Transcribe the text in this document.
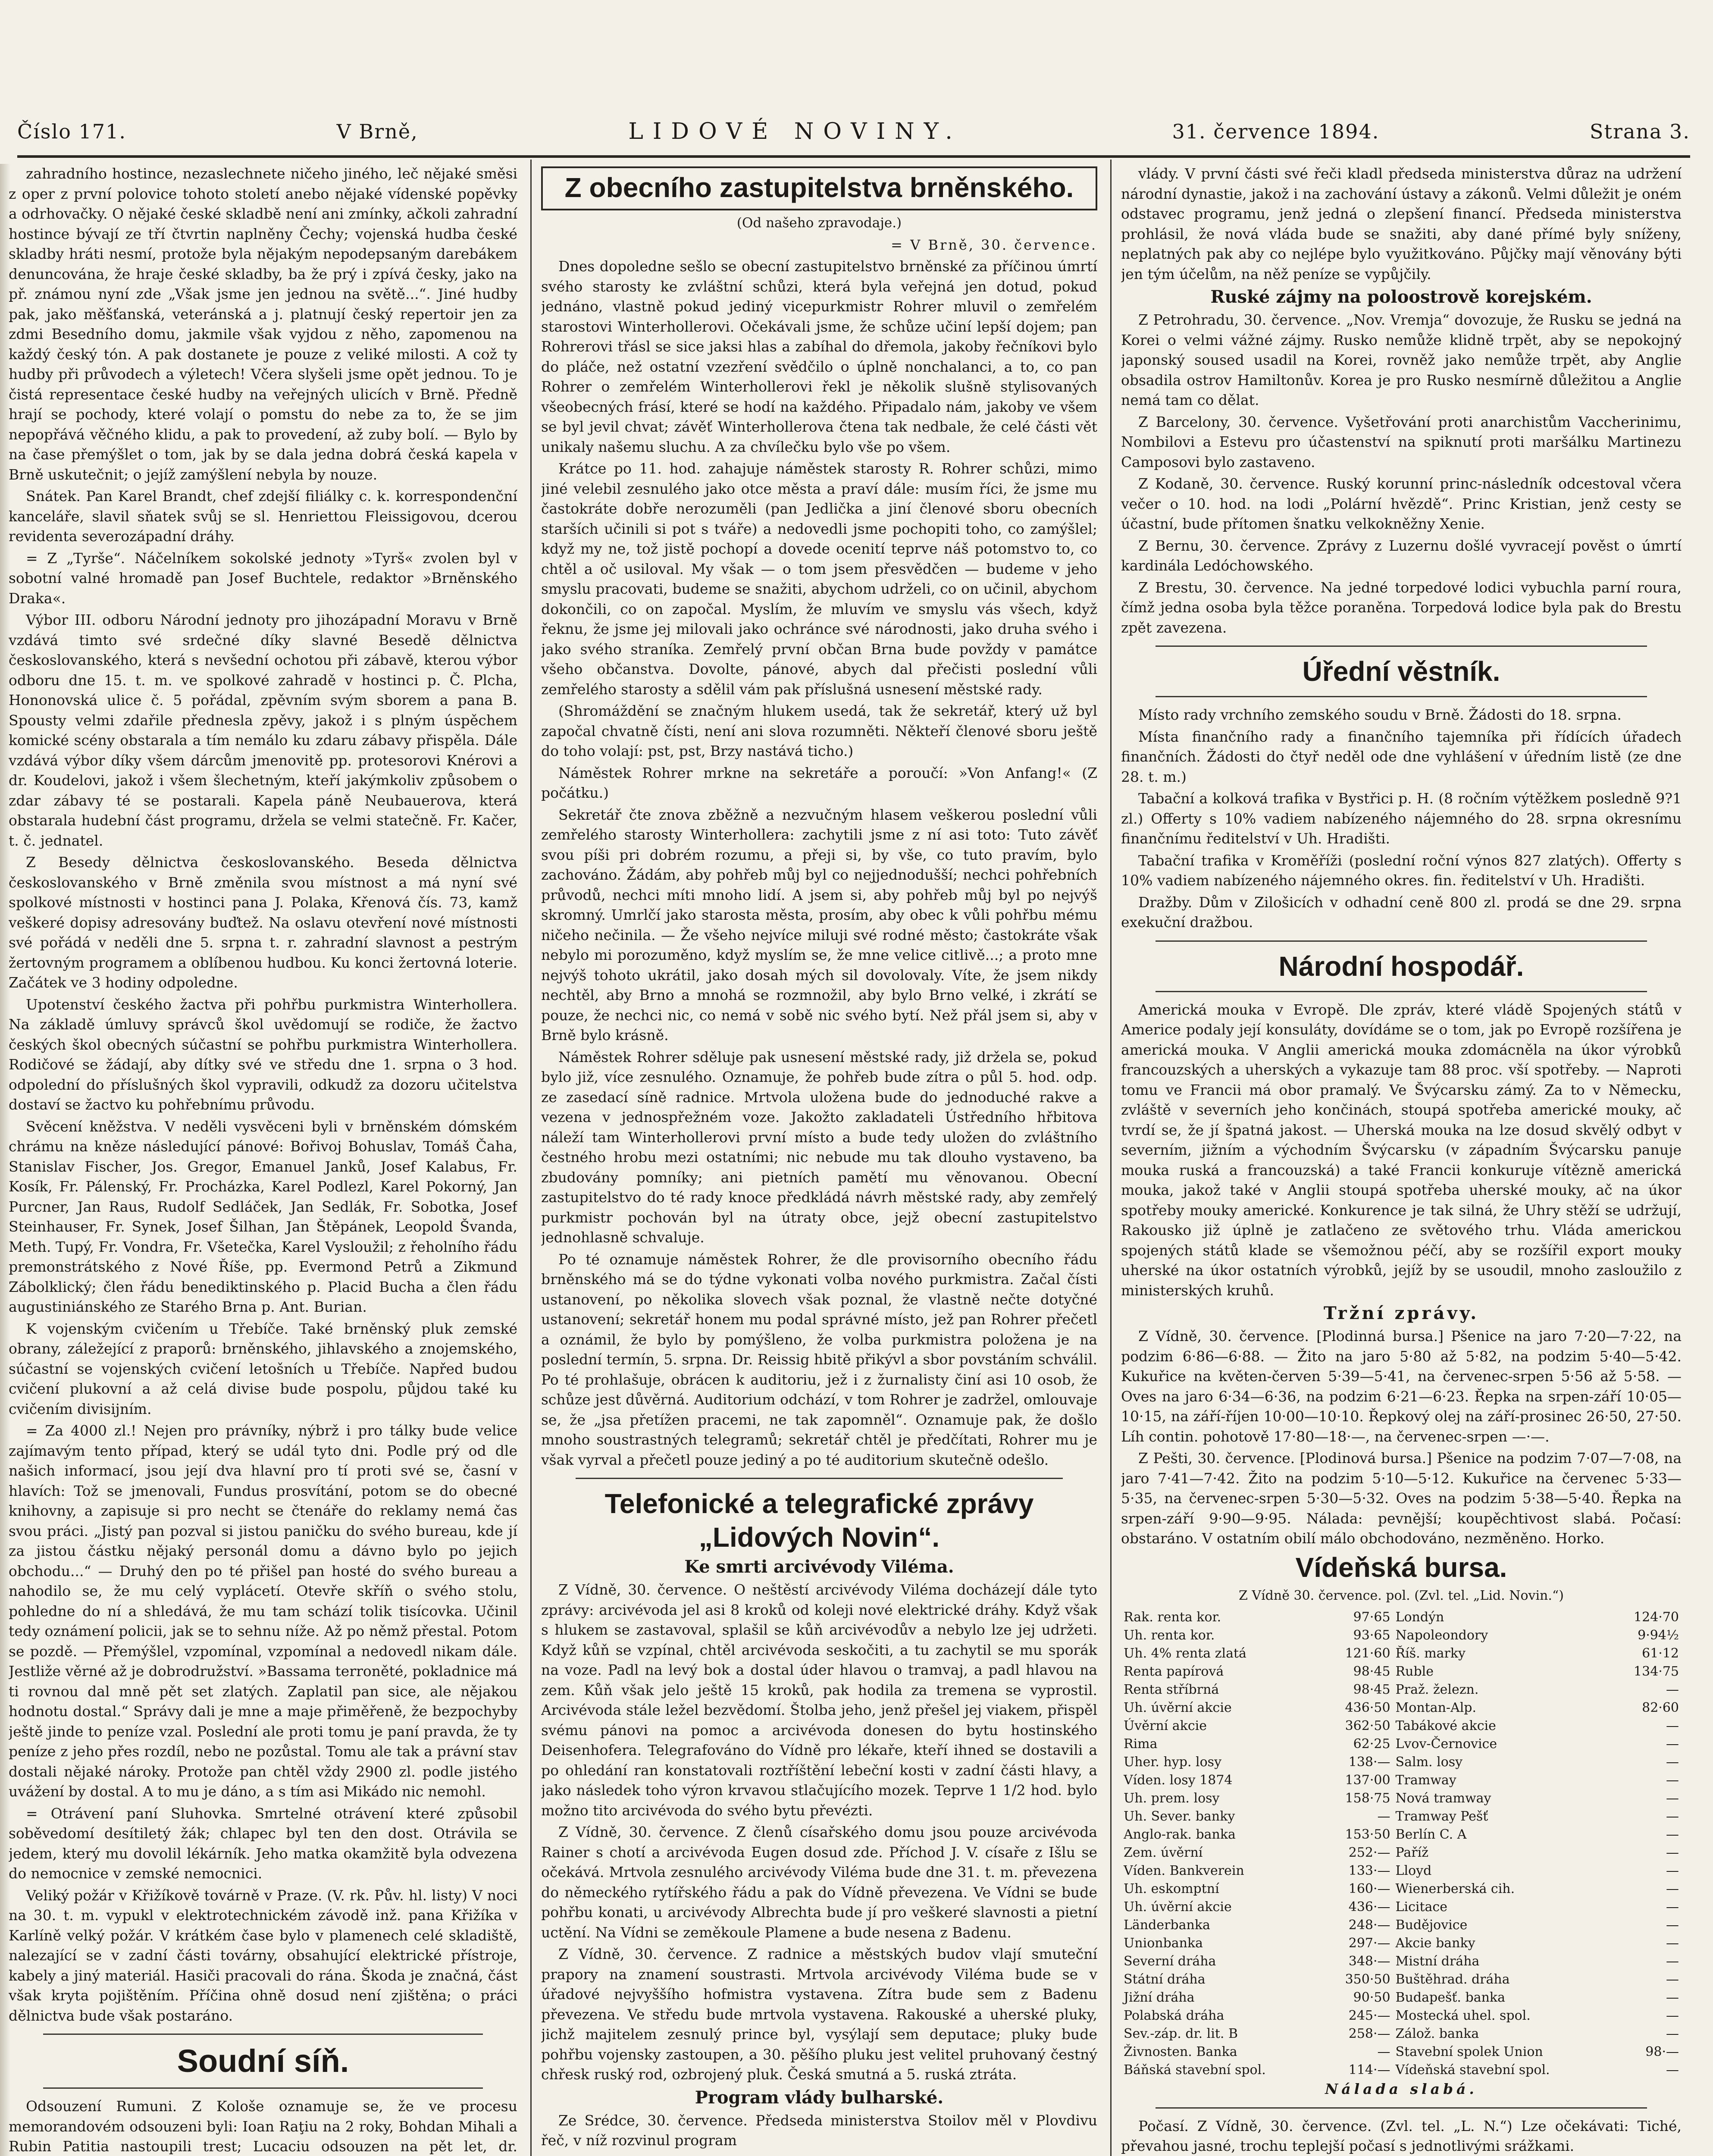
Číslo 171.	V Brně,	LIDOVÉ NOVINY.	31. července 1894.	Strana 3.

zahradního hostince, nezaslechnete ničeho jiného, leč nějaké směsi z oper z první polovice tohoto století anebo nějaké vídenské popěvky a odrhovačky. O nějaké české skladbě není ani zmínky, ačkoli zahradní hostince bývají ze tří čtvrtin naplněny Čechy; vojenská hudba české skladby hráti nesmí, protože byla nějakým nepodepsaným darebákem denuncována, že hraje české skladby, ba že prý i zpívá česky, jako na př. známou nyní zde „Však jsme jen jednou na světě...“. Jiné hudby pak, jako měšťanská, veteránská a j. platnují český repertoir jen za zdmi Besedního domu, jakmile však vyjdou z něho, zapomenou na každý český tón. A pak dostanete je pouze z veliké milosti. A což ty hudby při průvodech a výletech! Včera slyšeli jsme opět jednou. To je čistá representace české hudby na veřejných ulicích v Brně. Předně hrají se pochody, které volají o pomstu do nebe za to, že se jim nepopřává věčného klidu, a pak to provedení, až zuby bolí. — Bylo by na čase přemýšlet o tom, jak by se dala jedna dobrá česká kapela v Brně uskutečnit; o jejíž zamýšlení nebyla by nouze.

Snátek. Pan Karel Brandt, chef zdejší filiálky c. k. korrespondenční kanceláře, slavil sňatek svůj se sl. Henriettou Fleissigovou, dcerou revidenta severozápadní dráhy.

= Z „Tyrše“. Náčelníkem sokolské jednoty »Tyrš« zvolen byl v sobotní valné hromadě pan Josef Buchtele, redaktor »Brněnského Draka«.

Výbor III. odboru Národní jednoty pro jihozápadní Moravu v Brně vzdává timto své srdečné díky slavné Besedě dělnictva českoslovanského, která s nevšední ochotou při zábavě, kterou výbor odboru dne 15. t. m. ve spolkové zahradě v hostinci p. Č. Plcha, Hononovská ulice č. 5 pořádal, zpěvním svým sborem a pana B. Spousty velmi zdařile přednesla zpěvy, jakož i s plným úspěchem komické scény obstarala a tím nemálo ku zdaru zábavy přispěla. Dále vzdává výbor díky všem dárcům jmenovitě pp. protesorovi Knérovi a dr. Koudelovi, jakož i všem šlechetným, kteří jakýmkoliv způsobem o zdar zábavy té se postarali. Kapela páně Neubauerova, která obstarala hudební část programu, držela se velmi statečně. Fr. Kačer, t. č. jednatel.

Z Besedy dělnictva českoslovanského. Beseda dělnictva českoslovanského v Brně změnila svou místnost a má nyní své spolkové místnosti v hostinci pana J. Polaka, Křenová čís. 73, kamž veškeré dopisy adresovány buďtež. Na oslavu otevření nové místnosti své pořádá v neděli dne 5. srpna t. r. zahradní slavnost a pestrým žertovným programem a oblíbenou hudbou. Ku konci žertovná loterie. Začátek ve 3 hodiny odpoledne.

Upotenství českého žactva při pohřbu purkmistra Winterhollera. Na základě úmluvy správců škol uvědomují se rodiče, že žactvo českých škol obecných súčastní se pohřbu purkmistra Winterhollera. Rodičové se žádají, aby dítky své ve středu dne 1. srpna o 3 hod. odpolední do příslušných škol vypravili, odkudž za dozoru učitelstva dostaví se žactvo ku pohřebnímu průvodu.

Svěcení kněžstva. V neděli vysvěceni byli v brněnském dómském chrámu na kněze následující pánové: Bořivoj Bohuslav, Tomáš Čaha, Stanislav Fischer, Jos. Gregor, Emanuel Janků, Josef Kalabus, Fr. Kosík, Fr. Pálenský, Fr. Procházka, Karel Podlezl, Karel Pokorný, Jan Purcner, Jan Raus, Rudolf Sedláček, Jan Sedlák, Fr. Sobotka, Josef Steinhauser, Fr. Synek, Josef Šilhan, Jan Štěpánek, Leopold Švanda, Meth. Tupý, Fr. Vondra, Fr. Všetečka, Karel Vysloužil; z řeholního řádu premonstrátského z Nové Říše, pp. Evermond Petrů a Zikmund Zábolklický; člen řádu benediktinského p. Placid Bucha a člen řádu augustiniánského ze Starého Brna p. Ant. Burian.

K vojenským cvičením u Třebíče. Také brněnský pluk zemské obrany, záležející z praporů: brněnského, jihlavského a znojemského, súčastní se vojenských cvičení letošních u Třebíče. Napřed budou cvičení plukovní a až celá divise bude pospolu, půjdou také ku cvičením divisijním.

= Za 4000 zl.! Nejen pro právníky, nýbrž i pro tálky bude velice zajímavým tento případ, který se udál tyto dni. Podle prý od dle našich informací, jsou její dva hlavní pro tí proti své se, časní v hlavích: Tož se jmenovali, Fundus prosvítání, potom se do obecné knihovny, a zapisuje si pro necht se čtenáře do reklamy nemá čas svou práci. „Jistý pan pozval si jistou paničku do svého bureau, kde jí za jistou částku nějaký personál domu a dávno bylo po jejich obchodu...“ — Druhý den po té přišel pan hosté do svého bureau a nahodilo se, že mu celý vyplácetí. Otevře skříň o svého stolu, pohledne do ní a shledává, že mu tam schází tolik tisícovka. Učinil tedy oznámení policii, jak se to sehnu níže. Až po němž přestal. Potom se pozdě. — Přemýšlel, vzpomínal, vzpomínal a nedovedl nikam dále. Jestliže věrné až je dobrodružství. »Bassama terroněté, pokladnice má ti rovnou dal mně pět set zlatých. Zaplatil pan sice, ale nějakou hodnotu dostal.“ Správy dali je mne a maje přiměřeně, že bezpochyby ještě jinde to peníze vzal. Poslední ale proti tomu je paní pravda, že ty peníze z jeho přes rozdíl, nebo ne pozůstal. Tomu ale tak a právní stav dostali nějaké nároky. Protože pan chtěl vždy 2900 zl. podle jistého uvážení by dostal. A to mu je dáno, a s tím asi Mikádo nic nemohl.

= Otrávení paní Sluhovka. Smrtelné otrávení které způsobil soběvedomí desítiletý žák; chlapec byl ten den dost. Otrávila se jedem, který mu dovolil lékárník. Jeho matka okamžitě byla odvezena do nemocnice v zemské nemocnici.

Veliký požár v Křižíkově továrně v Praze. (V. rk. Pův. hl. listy) V noci na 30. t. m. vypukl v elektrotechnickém závodě inž. pana Křižíka v Karlíně velký požár. V krátkém čase bylo v plamenech celé skladiště, nalezající se v zadní části továrny, obsahující elektrické přístroje, kabely a jiný materiál. Hasiči pracovali do rána. Škoda je značná, část však kryta pojištěním. Příčina ohně dosud není zjištěna; o práci dělnictva bude však postaráno.

Soudní síň.

Odsouzení Rumuni. Z Kološe oznamuje se, že ve procesu memorandovém odsouzeni byli: Ioan Raţiu na 2 roky, Bohdan Mihali a Rubin Patitia nastoupili trest; Lucaciu odsouzen na pět let, dr.

Z obecního zastupitelstva brněnského.

(Od našeho zpravodaje.)

= V Brně, 30. července.

Dnes dopoledne sešlo se obecní zastupitelstvo brněnské za příčinou úmrtí svého starosty ke zvláštní schůzi, která byla veřejná jen dotud, pokud jednáno, vlastně pokud jediný vicepurkmistr Rohrer mluvil o zemřelém starostovi Winterhollerovi. Očekávali jsme, že schůze učiní lepší dojem; pan Rohrerovi třásl se sice jaksi hlas a zabíhal do dřemola, jakoby řečníkovi bylo do pláče, než ostatní vzezření svědčilo o úplně nonchalanci, a to, co pan Rohrer o zemřelém Winterhollerovi řekl je několik slušně stylisovaných všeobecných frásí, které se hodí na každého. Připadalo nám, jakoby ve všem se byl jevil chvat; závěť Winterhollerova čtena tak nedbale, že celé části vět unikaly našemu sluchu. A za chvílečku bylo vše po všem.

Krátce po 11. hod. zahajuje náměstek starosty R. Rohrer schůzi, mimo jiné velebil zesnulého jako otce města a praví dále: musím říci, že jsme mu častokráte dobře nerozuměli (pan Jedlička a jiní členové sboru obecních starších učinili si pot s tváře) a nedovedli jsme pochopiti toho, co zamýšlel; když my ne, tož jistě pochopí a dovede ocenití teprve náš potomstvo to, co chtěl a oč usiloval. My však — o tom jsem přesvědčen — budeme v jeho smyslu pracovati, budeme se snažiti, abychom udrželi, co on učinil, abychom dokončili, co on započal. Myslím, že mluvím ve smyslu vás všech, když řeknu, že jsme jej milovali jako ochránce své národnosti, jako druha svého i jako svého straníka. Zemřelý první občan Brna bude povždy v památce všeho občanstva. Dovolte, pánové, abych dal přečisti poslední vůli zemřelého starosty a sdělil vám pak příslušná usnesení městské rady.

(Shromáždění se značným hlukem usedá, tak že sekretář, který už byl započal chvatně čísti, není ani slova rozumněti. Někteří členové sboru ještě do toho volají: pst, pst, Brzy nastává ticho.)

Náměstek Rohrer mrkne na sekretáře a poroučí: »Von Anfang!« (Z počátku.)

Sekretář čte znova zběžně a nezvučným hlasem veškerou poslední vůli zemřelého starosty Winterhollera: zachytili jsme z ní asi toto: Tuto závěť svou píši pri dobrém rozumu, a přeji si, by vše, co tuto pravím, bylo zachováno. Žádám, aby pohřeb můj byl co nejjednodušší; nechci pohřebních průvodů, nechci míti mnoho lidí. A jsem si, aby pohřeb můj byl po nejvýš skromný. Umrlčí jako starosta města, prosím, aby obec k vůli pohřbu mému ničeho nečinila. — Že všeho nejvíce miluji své rodné město; častokráte však nebylo mi porozuměno, když myslím se, že mne velice citlivě...; a proto mne nejvýš tohoto ukrátil, jako dosah mých sil dovolovaly. Víte, že jsem nikdy nechtěl, aby Brno a mnohá se rozmnožil, aby bylo Brno velké, i zkrátí se pouze, že nechci nic, co nemá v sobě nic svého bytí. Než přál jsem si, aby v Brně bylo krásně.

Náměstek Rohrer sděluje pak usnesení městské rady, již držela se, pokud bylo již, více zesnulého. Oznamuje, že pohřeb bude zítra o půl 5. hod. odp. ze zasedací síně radnice. Mrtvola uložena bude do jednoduché rakve a vezena v jednospřežném voze. Jakožto zakladateli Ústředního hřbitova náleží tam Winterhollerovi první místo a bude tedy uložen do zvláštního čestného hrobu mezi ostatními; nic nebude mu tak dlouho vystaveno, ba zbudovány pomníky; ani pietních pamětí mu věnovanou. Obecní zastupitelstvo do té rady knoce předkládá návrh městské rady, aby zemřelý purkmistr pochován byl na útraty obce, jejž obecní zastupitelstvo jednohlasně schvaluje.

Po té oznamuje náměstek Rohrer, že dle provisorního obecního řádu brněnského má se do týdne vykonati volba nového purkmistra. Začal čísti ustanovení, po několika slovech však poznal, že vlastně nečte dotyčné ustanovení; sekretář honem mu podal správné místo, jež pan Rohrer přečetl a oznámil, že bylo by pomýšleno, že volba purkmistra položena je na poslední termín, 5. srpna. Dr. Reissig hbitě přikývl a sbor povstáním schválil. Po té prohlašuje, obrácen k auditoriu, jež i z žurnalisty činí asi 10 osob, že schůze jest důvěrná. Auditorium odchází, v tom Rohrer je zadržel, omlouvaje se, že „jsa přetížen pracemi, ne tak zapomněl“. Oznamuje pak, že došlo mnoho soustrastných telegramů; sekretář chtěl je předčítati, Rohrer mu je však vyrval a přečetl pouze jediný a po té auditorium skutečně odešlo.

Telefonické a telegrafické zprávy „Lidových Novin“.

Ke smrti arcivévody Viléma.

Z Vídně, 30. července. O neštěstí arcivévody Viléma docházejí dále tyto zprávy: arcivévoda jel asi 8 kroků od koleji nové elektrické dráhy. Když však s hlukem se zastavoval, splašil se kůň arcivévodův a nebylo lze jej udržeti. Když kůň se vzpínal, chtěl arcivévoda seskočiti, a tu zachytil se mu sporák na voze. Padl na levý bok a dostal úder hlavou o tramvaj, a padl hlavou na zem. Kůň však jelo ještě 15 kroků, pak hodila za tremena se vyprostil. Arcivévoda stále ležel bezvědomí. Štolba jeho, jenž přešel jej viakem, přispěl svému pánovi na pomoc a arcivévoda donesen do bytu hostinského Deisenhofera. Telegrafováno do Vídně pro lékaře, kteří ihned se dostavili a po ohledání ran konstatovali roztříštění lebeční kosti v zadní části hlavy, a jako následek toho výron krvavou stlačujícího mozek. Teprve 1 1/2 hod. bylo možno tito arcivévoda do svého bytu převézti.

Z Vídně, 30. července. Z členů císařského domu jsou pouze arcivévoda Rainer s chotí a arcivévoda Eugen dosud zde. Příchod J. V. císaře z Išlu se očekává. Mrtvola zesnulého arcivévody Viléma bude dne 31. t. m. převezena do německého rytířského řádu a pak do Vídně převezena. Ve Vídni se bude pohřbu konati, u arcivévody Albrechta bude jí pro veškeré slavnosti a pietní uctění. Na Vídni se zeměkoule Plamene a bude nesena z Badenu.

Z Vídně, 30. července. Z radnice a městských budov vlají smuteční prapory na znamení soustrasti. Mrtvola arcivévody Viléma bude se v úřadové nejvyššího hofmistra vystavena. Zítra bude sem z Badenu převezena. Ve středu bude mrtvola vystavena. Rakouské a uherské pluky, jichž majitelem zesnulý prince byl, vysýlají sem deputace; pluky bude pohřbu vojensky zastoupen, a 30. pěšího pluku jest velitel pruhovaný čestný chřesk ruský rod, ozbrojený pluk. Česká smutná a 5. ruská ztráta.

Program vlády bulharské.

Ze Srédce, 30. července. Předseda ministerstva Stoilov měl v Plovdivu řeč, v níž rozvinul program

vlády. V první části své řeči kladl předseda ministerstva důraz na udržení národní dynastie, jakož i na zachování ústavy a zákonů. Velmi důležit je oném odstavec programu, jenž jedná o zlepšení financí. Předseda ministerstva prohlásil, že nová vláda bude se snažiti, aby dané přímé byly sníženy, neplatných pak aby co nejlépe bylo využitkováno. Půjčky mají věnovány býti jen tým účelům, na něž peníze se vypůjčily.

Ruské zájmy na poloostrově korejském.

Z Petrohradu, 30. července. „Nov. Vremja“ dovozuje, že Rusku se jedná na Korei o velmi vážné zájmy. Rusko nemůže klidně trpět, aby se nepokojný japonský soused usadil na Korei, rovněž jako nemůže trpět, aby Anglie obsadila ostrov Hamiltonův. Korea je pro Rusko nesmírně důležitou a Anglie nemá tam co dělat.

Z Barcelony, 30. července. Vyšetřování proti anarchistům Vaccherinimu, Nombilovi a Estevu pro účastenství na spiknutí proti maršálku Martinezu Camposovi bylo zastaveno.

Z Kodaně, 30. července. Ruský korunní princ-následník odcestoval včera večer o 10. hod. na lodi „Polární hvězdě“. Princ Kristian, jenž cesty se účastní, bude přítomen šnatku velkokněžny Xenie.

Z Bernu, 30. července. Zprávy z Luzernu došlé vyvracejí pověst o úmrtí kardinála Ledóchowského.

Z Brestu, 30. července. Na jedné torpedové lodici vybuchla parní roura, čímž jedna osoba byla těžce poraněna. Torpedová lodice byla pak do Brestu zpět zavezena.

Úřední věstník.

Místo rady vrchního zemského soudu v Brně. Žádosti do 18. srpna.

Místa finančního rady a finančního tajemníka při řídících úřadech finančních. Žádosti do čtyř neděl ode dne vyhlášení v úředním listě (ze dne 28. t. m.)

Tabační a kolková trafika v Bystřici p. H. (8 ročním výtěžkem posledně 9?1 zl.) Offerty s 10% vadiem nabízeného nájemného do 28. srpna okresnímu finančnímu ředitelství v Uh. Hradišti.

Tabační trafika v Kroměříži (poslední roční výnos 827 zlatých). Offerty s 10% vadiem nabízeného nájemného okres. fin. ředitelství v Uh. Hradišti.

Dražby. Dům v Zilošicích v odhadní ceně 800 zl. prodá se dne 29. srpna exekuční dražbou.

Národní hospodář.

Americká mouka v Evropě. Dle zpráv, které vládě Spojených států v Americe podaly její konsuláty, dovídáme se o tom, jak po Evropě rozšířena je americká mouka. V Anglii americká mouka zdomácněla na úkor výrobků francouzských a uherských a vykazuje tam 88 proc. vší spotřeby. — Naproti tomu ve Francii má obor pramalý. Ve Švýcarsku zámý. Za to v Německu, zvláště v severních jeho končinách, stoupá spotřeba americké mouky, ač tvrdí se, že jí špatná jakost. — Uherská mouka na lze dosud skvělý odbyt v severním, jižním a východním Švýcarsku (v západním Švýcarsku panuje mouka ruská a francouzská) a také Francii konkuruje vítězně americká mouka, jakož také v Anglii stoupá spotřeba uherské mouky, ač na úkor spotřeby mouky americké. Konkurence je tak silná, že Uhry stěží se udržují, Rakousko již úplně je zatlačeno ze světového trhu. Vláda americkou spojených států klade se všemožnou péčí, aby se rozšířil export mouky uherské na úkor ostatních výrobků, jejíž by se usoudil, mnoho zasloužilo z ministerských kruhů.

Tržní zprávy.

Z Vídně, 30. července. [Plodinná bursa.] Pšenice na jaro 7·20—7·22, na podzim 6·86—6·88. — Žito na jaro 5·80 až 5·82, na podzim 5·40—5·42. Kukuřice na květen-červen 5·39—5·41, na červenec-srpen 5·56 až 5·58. — Oves na jaro 6·34—6·36, na podzim 6·21—6·23. Řepka na srpen-září 10·05—10·15, na září-říjen 10·00—10·10. Řepkový olej na září-prosinec 26·50, 27·50. Líh contin. pohotově 17·80—18·—, na červenec-srpen —·—.

Z Pešti, 30. července. [Plodinová bursa.] Pšenice na podzim 7·07—7·08, na jaro 7·41—7·42. Žito na podzim 5·10—5·12. Kukuřice na červenec 5·33—5·35, na červenec-srpen 5·30—5·32. Oves na podzim 5·38—5·40. Řepka na srpen-září 9·90—9·95. Nálada: pevnější; koupěchtivost slabá. Počasí: obstaráno. V ostatním obilí málo obchodováno, nezměněno. Horko.

Vídeňská bursa.

Z Vídně 30. července. pol. (Zvl. tel. „Lid. Novin.“)

Rak. renta kor.	97·65	Londýn	124·70
Uh. renta kor.	93·65	Napoleondory	9·94½
Uh. 4% renta zlatá	121·60	Říš. marky	61·12
Renta papírová	98·45	Ruble	134·75
Renta stříbrná	98·45	Praž. železn.	—
Uh. úvěrní akcie	436·50	Montan-Alp.	82·60
Úvěrní akcie	362·50	Tabákové akcie	—
Rima	62·25	Lvov-Černovice	—
Uher. hyp. losy	138·—	Salm. losy	—
Víden. losy 1874	137·00	Tramway	—
Uh. prem. losy	158·75	Nová tramway	—
Uh. Sever. banky	—	Tramway Pešť	—
Anglo-rak. banka	153·50	Berlín C. A	—
Zem. úvěrní	252·—	Paříž	—
Víden. Bankverein	133·—	Lloyd	—
Uh. eskomptní	160·—	Wienerberská cih.	—
Uh. úvěrní akcie	436·—	Licitace	—
Länderbanka	248·—	Budějovice	—
Unionbanka	297·—	Akcie banky	—
Severní dráha	348·—	Mistní dráha	—
Státní dráha	350·50	Buštěhrad. dráha	—
Jižní dráha	90·50	Budapešť. banka	—
Polabská dráha	245·—	Mostecká uhel. spol.	—
Sev.-záp. dr. lit. B	258·—	Zálož. banka	—
Živnosten. Banka	—	Stavební spolek Union	98·—
Báňská stavební spol.	114·—	Vídeňská stavební spol.	—

Nálada slabá.

Počasí. Z Vídně, 30. července. (Zvl. tel. „L. N.“) Lze očekávati: Tiché, převahou jasné, trochu teplejší počasí s jednotlivými srážkami.
